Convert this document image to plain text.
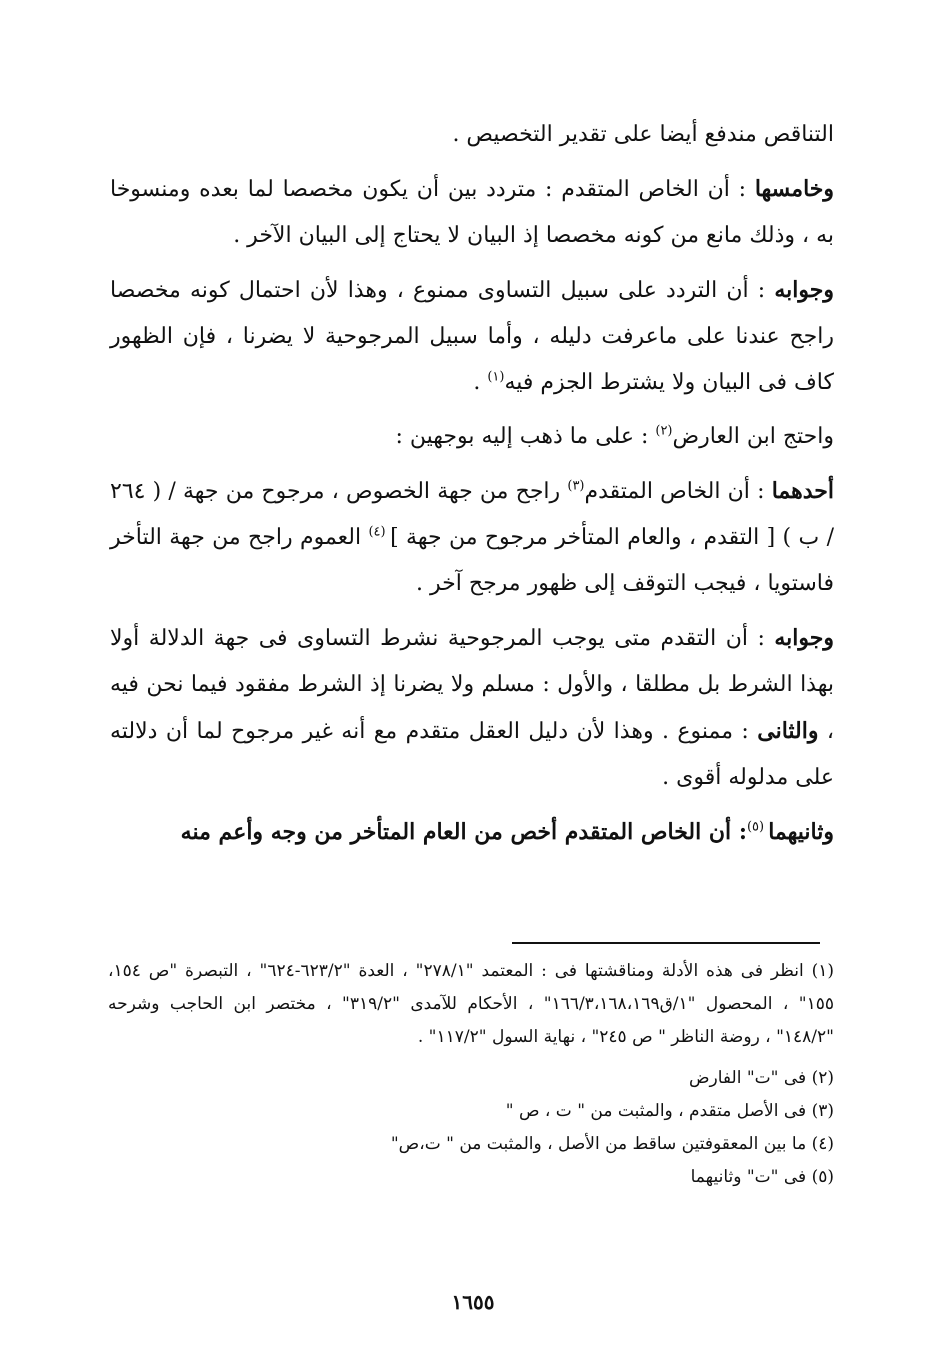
التناقص مندفع أيضا على تقدير التخصيص .

وخامسها : أن الخاص المتقدم : متردد بين أن يكون مخصصا لما بعده ومنسوخا به ، وذلك مانع من كونه مخصصا إذ البيان لا يحتاج إلى البيان الآخر .

وجوابه : أن التردد على سبيل التساوى ممنوع ، وهذا لأن احتمال كونه مخصصا راجح عندنا على ماعرفت دليله ، وأما سبيل المرجوحية لا يضرنا ، فإن الظهور كاف فى البيان ولا يشترط الجزم فيه$^{(١)}$ .

واحتج ابن العارض$^{(٢)}$ : على ما ذهب إليه بوجهين :

أحدهما : أن الخاص المتقدم$^{(٣)}$ راجح من جهة الخصوص ، مرجوح من جهة / ( ٢٦٤ / ب ) [ التقدم ، والعام المتأخر مرجوح من جهة ] $^{(٤)}$ العموم راجح من جهة التأخر فاستويا ، فيجب التوقف إلى ظهور مرجح آخر .

وجوابه : أن التقدم متى يوجب المرجوحية نشرط التساوى فى جهة الدلالة أولا بهذا الشرط بل مطلقا ، والأول : مسلم ولا يضرنا إذ الشرط مفقود فيما نحن فيه ، والثانى : ممنوع . وهذا لأن دليل العقل متقدم مع أنه غير مرجوح لما أن دلالته على مدلوله أقوى .

وثانيهما $^{(٥)}$: أن الخاص المتقدم أخص من العام المتأخر من وجه وأعم منه

(١) انظر فى هذه الأدلة ومناقشتها فى : المعتمد "٢٧٨/١" ، العدة "٦٢٣/٢-٦٢٤" ، التبصرة "ص ١٥٤، ١٥٥" ، المحصول "١/ق١٦٦/٣،١٦٨،١٦٩" ، الأحكام للآمدى "٣١٩/٢" ، مختصر ابن الحاجب وشرحه "١٤٨/٢" ، روضة الناظر " ص ٢٤٥" ، نهاية السول "١١٧/٢" .

(٢) فى "ت" الفارض

(٣) فى الأصل متقدم ، والمثبت من " ت ، ص "

(٤) ما بين المعقوفتين ساقط من الأصل ، والمثبت من " ت،ص"

(٥) فى "ت" وثانيهما

١٦٥٥
